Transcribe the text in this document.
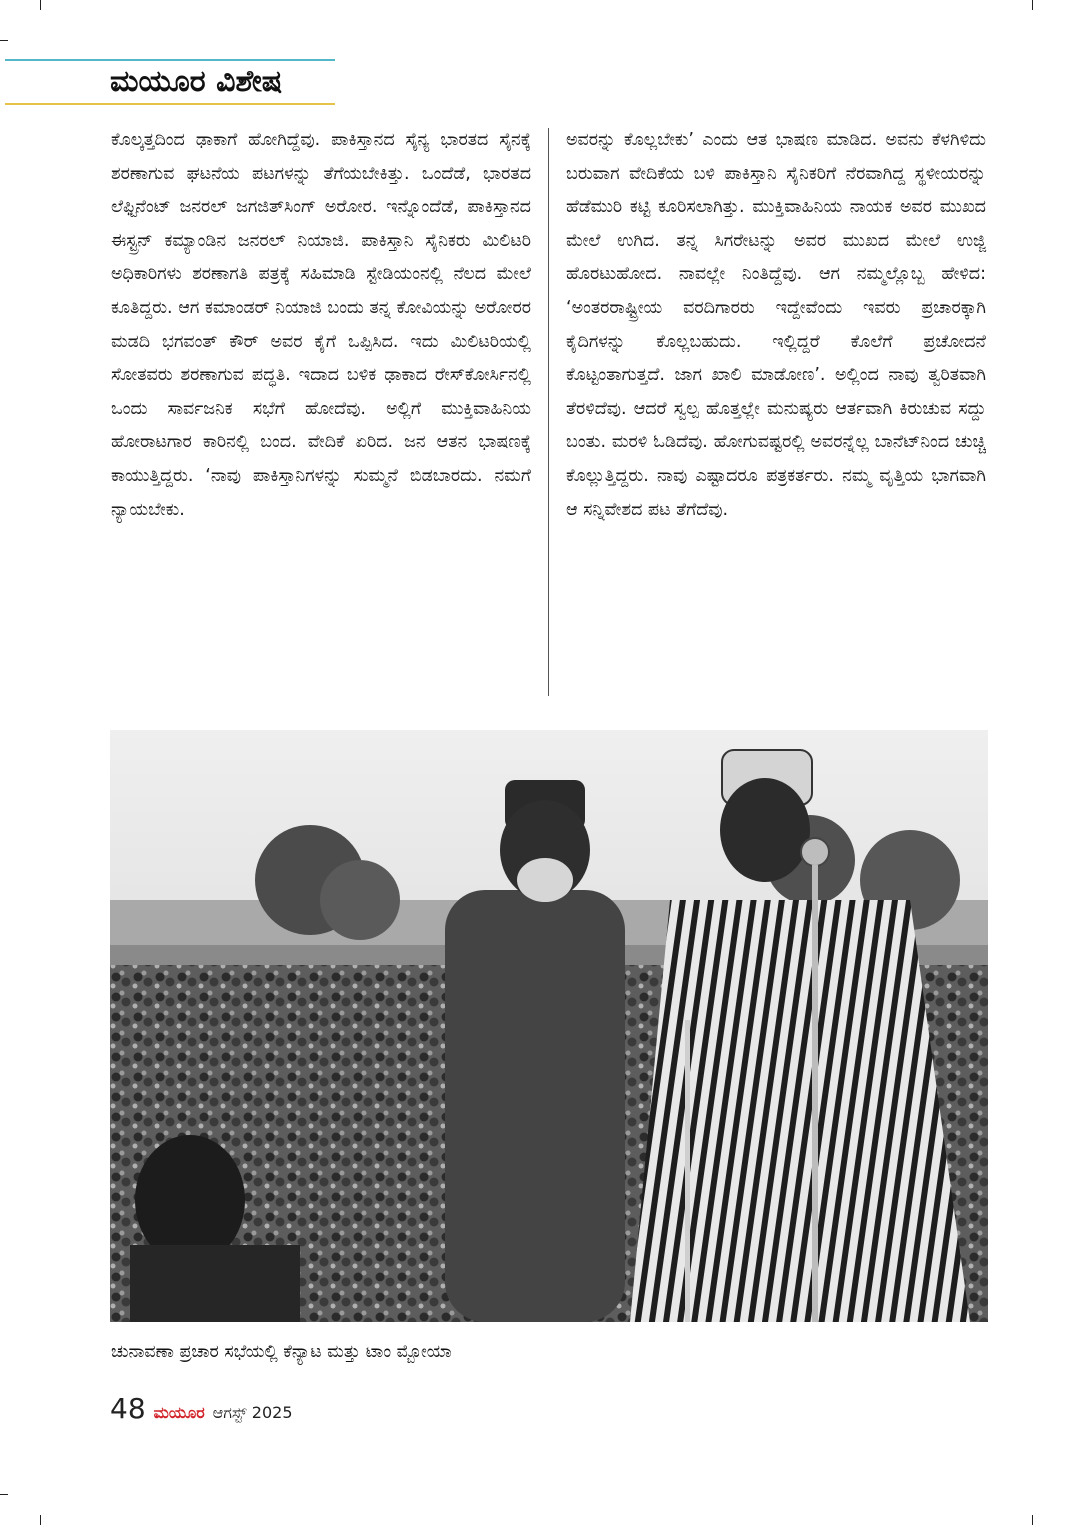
ಮಯೂರ ವಿಶೇಷ

ಕೊಲ್ಕತ್ತದಿಂದ ಢಾಕಾಗೆ ಹೋಗಿದ್ದೆವು. ಪಾಕಿಸ್ತಾನದ ಸೈನ್ಯ ಭಾರತದ ಸೈನಕ್ಕೆ ಶರಣಾಗುವ ಘಟನೆಯ ಪಟಗಳನ್ನು ತೆಗೆಯಬೇಕಿತ್ತು. ಒಂದೆಡೆ, ಭಾರತದ ಲೆಫ್ಟಿನೆಂಟ್ ಜನರಲ್ ಜಗಜಿತ್‌ಸಿಂಗ್ ಅರೋರ. ಇನ್ನೊಂದೆಡೆ, ಪಾಕಿಸ್ತಾನದ ಈಸ್ಟ್ರನ್ ಕಮ್ಯಾಂಡಿನ ಜನರಲ್ ನಿಯಾಜಿ. ಪಾಕಿಸ್ತಾನಿ ಸೈನಿಕರು ಮಿಲಿಟರಿ ಅಧಿಕಾರಿಗಳು ಶರಣಾಗತಿ ಪತ್ರಕ್ಕೆ ಸಹಿಮಾಡಿ ಸ್ಟೇಡಿಯಂನಲ್ಲಿ ನೆಲದ ಮೇಲೆ ಕೂತಿದ್ದರು. ಆಗ ಕಮಾಂಡರ್ ನಿಯಾಜಿ ಬಂದು ತನ್ನ ಕೋವಿಯನ್ನು ಅರೋರರ ಮಡದಿ ಭಗವಂತ್ ಕೌರ್ ಅವರ ಕೈಗೆ ಒಪ್ಪಿಸಿದ. ಇದು ಮಿಲಿಟರಿಯಲ್ಲಿ ಸೋತವರು ಶರಣಾಗುವ ಪದ್ಧತಿ. ಇದಾದ ಬಳಿಕ ಢಾಕಾದ ರೇಸ್‌ಕೋರ್ಸಿನಲ್ಲಿ ಒಂದು ಸಾರ್ವಜನಿಕ ಸಭೆಗೆ ಹೋದೆವು. ಅಲ್ಲಿಗೆ ಮುಕ್ತಿವಾಹಿನಿಯ ಹೋರಾಟಗಾರ ಕಾರಿನಲ್ಲಿ ಬಂದ. ವೇದಿಕೆ ಏರಿದ. ಜನ ಆತನ ಭಾಷಣಕ್ಕೆ ಕಾಯುತ್ತಿದ್ದರು. ‘ನಾವು ಪಾಕಿಸ್ತಾನಿಗಳನ್ನು ಸುಮ್ಮನೆ ಬಿಡಬಾರದು. ನಮಗೆ ನ್ಯಾಯಬೇಕು.

ಅವರನ್ನು ಕೊಲ್ಲಬೇಕು’ ಎಂದು ಆತ ಭಾಷಣ ಮಾಡಿದ. ಅವನು ಕೆಳಗಿಳಿದು ಬರುವಾಗ ವೇದಿಕೆಯ ಬಳಿ ಪಾಕಿಸ್ತಾನಿ ಸೈನಿಕರಿಗೆ ನೆರವಾಗಿದ್ದ ಸ್ಥಳೀಯರನ್ನು ಹೆಡೆಮುರಿ ಕಟ್ಟಿ ಕೂರಿಸಲಾಗಿತ್ತು. ಮುಕ್ತಿವಾಹಿನಿಯ ನಾಯಕ ಅವರ ಮುಖದ ಮೇಲೆ ಉಗಿದ. ತನ್ನ ಸಿಗರೇಟನ್ನು ಅವರ ಮುಖದ ಮೇಲೆ ಉಜ್ಜಿ ಹೊರಟುಹೋದ. ನಾವಲ್ಲೇ ನಿಂತಿದ್ದೆವು. ಆಗ ನಮ್ಮಲ್ಲೊಬ್ಬ ಹೇಳಿದ: ‘ಅಂತರರಾಷ್ಟ್ರೀಯ ವರದಿಗಾರರು ಇದ್ದೇವೆಂದು ಇವರು ಪ್ರಚಾರಕ್ಕಾಗಿ ಕೈದಿಗಳನ್ನು ಕೊಲ್ಲಬಹುದು. ಇಲ್ಲಿದ್ದರೆ ಕೊಲೆಗೆ ಪ್ರಚೋದನೆ ಕೊಟ್ಟಂತಾಗುತ್ತದೆ. ಜಾಗ ಖಾಲಿ ಮಾಡೋಣ’. ಅಲ್ಲಿಂದ ನಾವು ತ್ವರಿತವಾಗಿ ತೆರಳಿದೆವು. ಆದರೆ ಸ್ವಲ್ಪ ಹೊತ್ತಲ್ಲೇ ಮನುಷ್ಯರು ಆರ್ತವಾಗಿ ಕಿರುಚುವ ಸದ್ದು ಬಂತು. ಮರಳಿ ಓಡಿದೆವು. ಹೋಗುವಷ್ಟರಲ್ಲಿ ಅವರನ್ನೆಲ್ಲ ಬಾನೆಟ್‌ನಿಂದ ಚುಚ್ಚಿ ಕೊಲ್ಲುತ್ತಿದ್ದರು. ನಾವು ಎಷ್ಟಾದರೂ ಪತ್ರಕರ್ತರು. ನಮ್ಮ ವೃತ್ತಿಯ ಭಾಗವಾಗಿ ಆ ಸನ್ನಿವೇಶದ ಪಟ ತೆಗೆದೆವು.

ಚುನಾವಣಾ ಪ್ರಚಾರ ಸಭೆಯಲ್ಲಿ ಕೆನ್ಯಾಟ ಮತ್ತು ಟಾಂ ಮ್ಬೋಯಾ

48 ಮಯೂರ ಆಗಸ್ಟ್ 2025
